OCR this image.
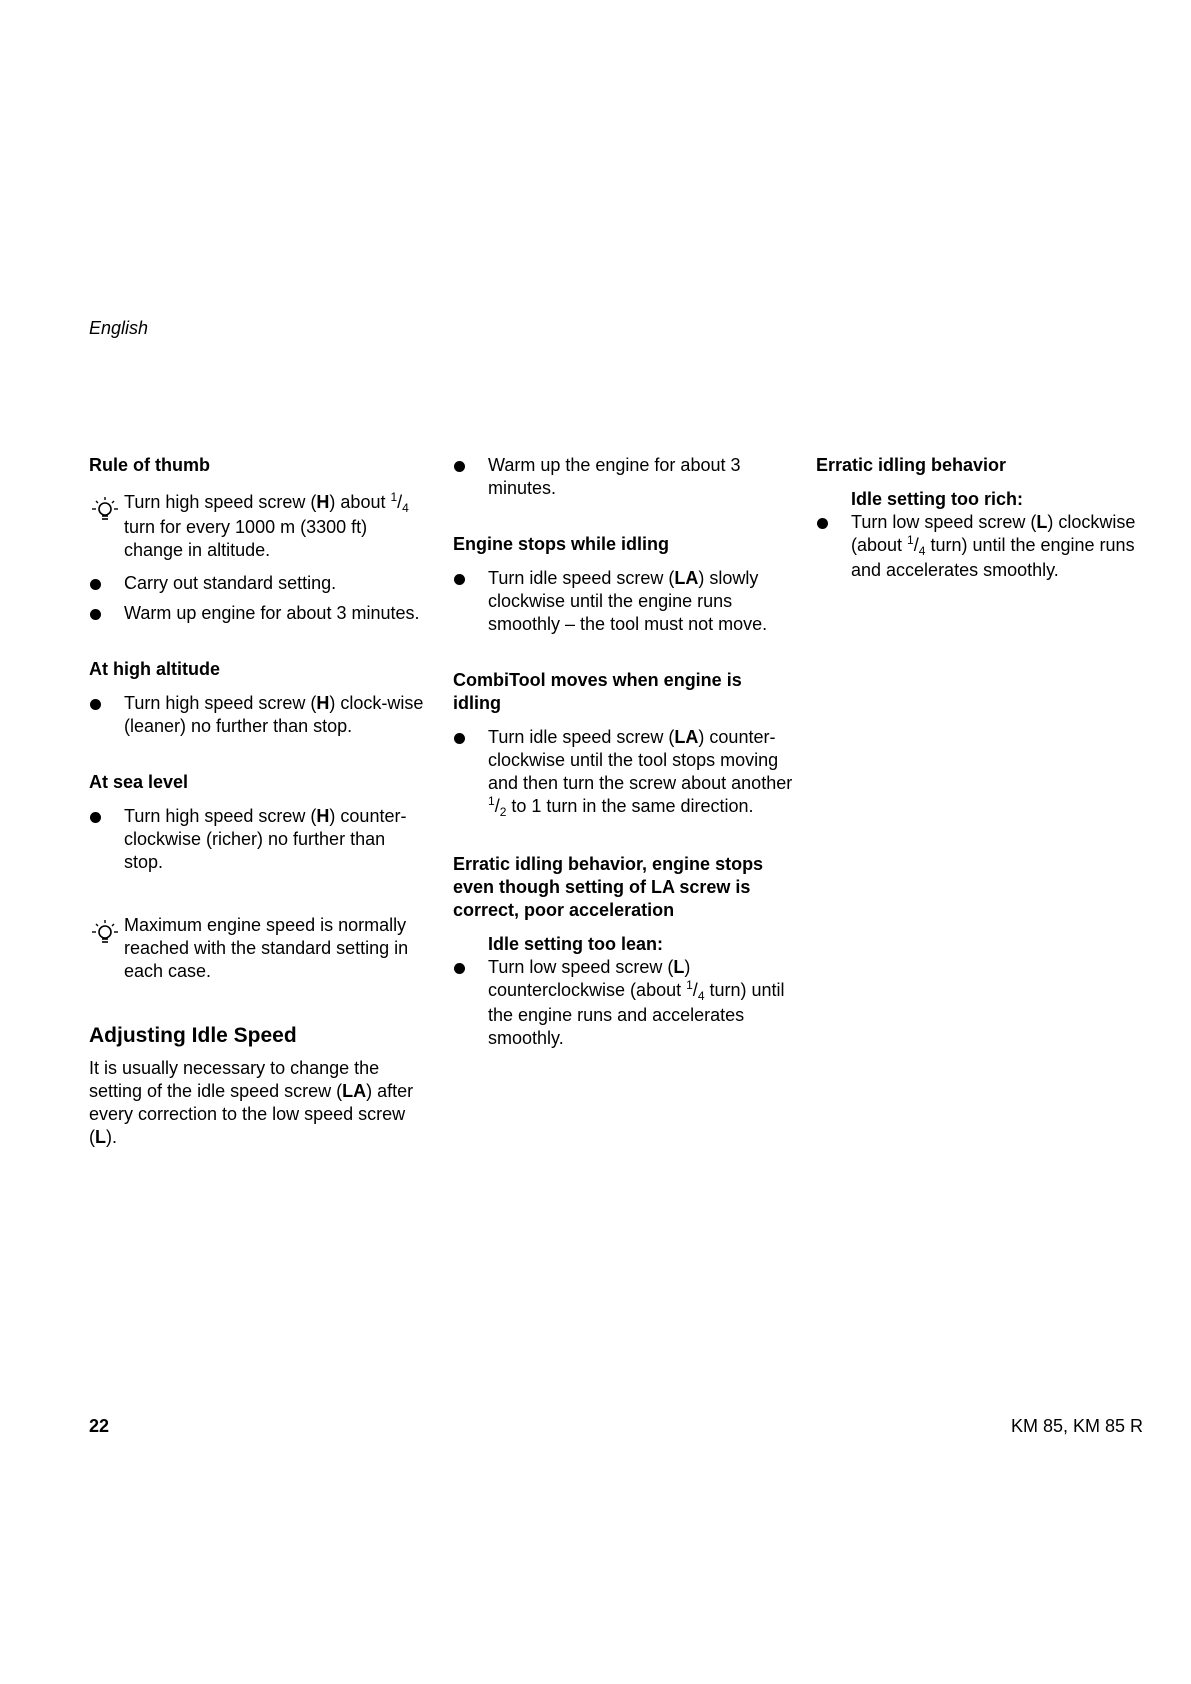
English

Rule of thumb

Turn high speed screw (H) about $^1/_4$ turn for every 1000 m (3300 ft) change in altitude.
Carry out standard setting.
Warm up engine for about 3 minutes.

At high altitude

Turn high speed screw (H) clock-wise (leaner) no further than stop.

At sea level

Turn high speed screw (H) counter-clockwise (richer) no further than stop.
Maximum engine speed is normally reached with the standard setting in each case.

Adjusting Idle Speed

It is usually necessary to change the setting of the idle speed screw (LA) after every correction to the low speed screw (L).
Warm up the engine for about 3 minutes.

Engine stops while idling

Turn idle speed screw (LA) slowly clockwise until the engine runs smoothly – the tool must not move.

CombiTool moves when engine is idling

Turn idle speed screw (LA) counter-clockwise until the tool stops moving and then turn the screw about another $^1/_2$ to 1 turn in the same direction.

Erratic idling behavior, engine stops even though setting of LA screw is correct, poor acceleration

Idle setting too lean:
Turn low speed screw (L) counterclockwise (about $^1/_4$ turn) until the engine runs and accelerates smoothly.

Erratic idling behavior

Idle setting too rich:
Turn low speed screw (L) clockwise (about $^1/_4$ turn) until the engine runs and accelerates smoothly.
22	KM 85, KM 85 R
